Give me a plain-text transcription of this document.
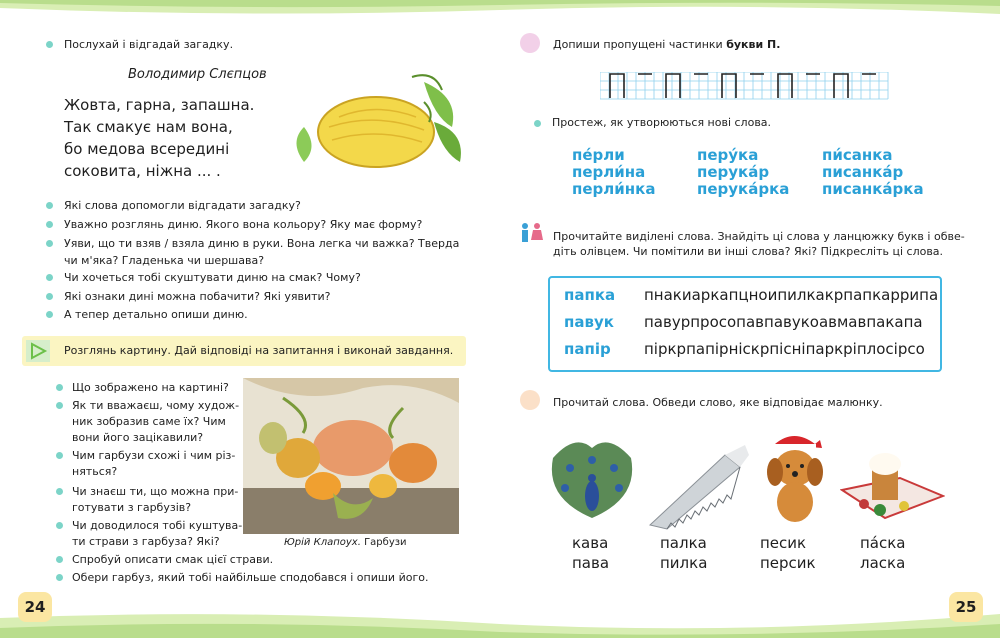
Послухай і відгадай загадку.
Володимир Слєпцов
Жовта, гарна, запашна.
Так смакує нам вона,
бо медова всередині
соковита, ніжна ... .
Які слова допомогли відгадати загадку?
Уважно розглянь диню. Якого вона кольору? Яку має форму?
Уяви, що ти взяв / взяла диню в руки. Вона легка чи важка? Тверда
чи м'яка? Гладенька чи шершава?
Чи хочеться тобі скуштувати диню на смак? Чому?
Які ознаки дині можна побачити? Які уявити?
А тепер детально опиши диню.
Розглянь картину. Дай відповіді на запитання і виконай завдання.
Що зображено на картині?
Як ти вважаєш, чому худож-
ник зобразив саме їх? Чим
вони його зацікавили?
Чим гарбузи схожі і чим різ-
няться?
Чи знаєш ти, що можна при-
готувати з гарбузів?
Чи доводилося тобі куштува-
ти страви з гарбуза? Які?
Спробуй описати смак цієї страви.
Обери гарбуз, який тобі найбільше сподобався і опиши його.
Юрій Клапоух. Гарбузи
Допиши пропущені частинки букви П.
Простеж, як утворюються нові слова.
пе́рли
перли́на
перли́нка
перу́ка
перука́р
перука́рка
пи́санка
писанка́р
писанка́рка
Прочитайте виділені слова. Знайдіть ці слова у ланцюжку букв і обве-
діть олівцем. Чи помітили ви інші слова? Які? Підкресліть ці слова.
папка пнакиаркапцноипилкакрпапкаррипа
павук павурпросопавпавукоавмавпакапа
папір піркрпапірніскрпісніпаркріплосірсо
Прочитай слова. Обведи слово, яке відповідає малюнку.
кава
пава
палка
пилка
песик
персик
па́ска
ласка
24	25
